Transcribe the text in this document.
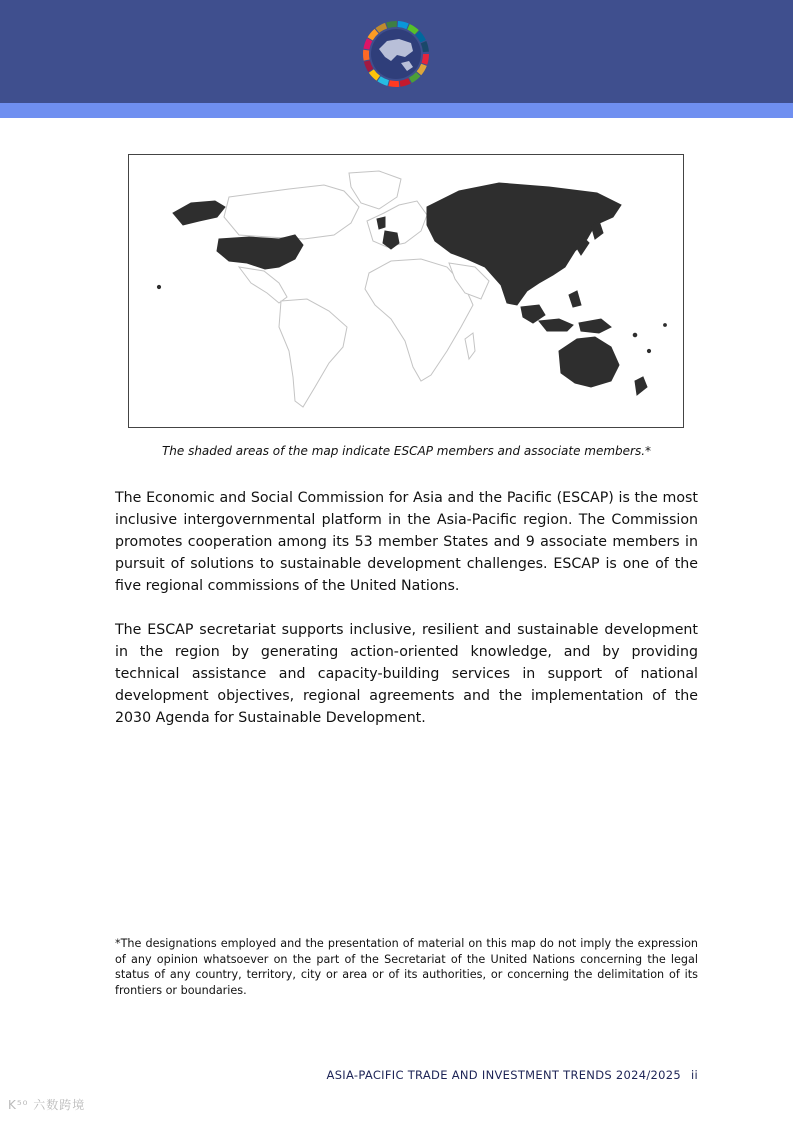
The shaded areas of the map indicate ESCAP members and associate members.*

The Economic and Social Commission for Asia and the Pacific (ESCAP) is the most inclusive intergovernmental platform in the Asia-Pacific region. The Commission promotes cooperation among its 53 member States and 9 associate members in pursuit of solutions to sustainable development challenges. ESCAP is one of the five regional commissions of the United Nations.

The ESCAP secretariat supports inclusive, resilient and sustainable development in the region by generating action-oriented knowledge, and by providing technical assistance and capacity-building services in support of national development objectives, regional agreements and the implementation of the 2030 Agenda for Sustainable Development.

*The designations employed and the presentation of material on this map do not imply the expression of any opinion whatsoever on the part of the Secretariat of the United Nations concerning the legal status of any country, territory, city or area or of its authorities, or concerning the delimitation of its frontiers or boundaries.

ASIA-PACIFIC TRADE AND INVESTMENT TRENDS 2024/2025 ii
K⁵⁰ 六数跨境
